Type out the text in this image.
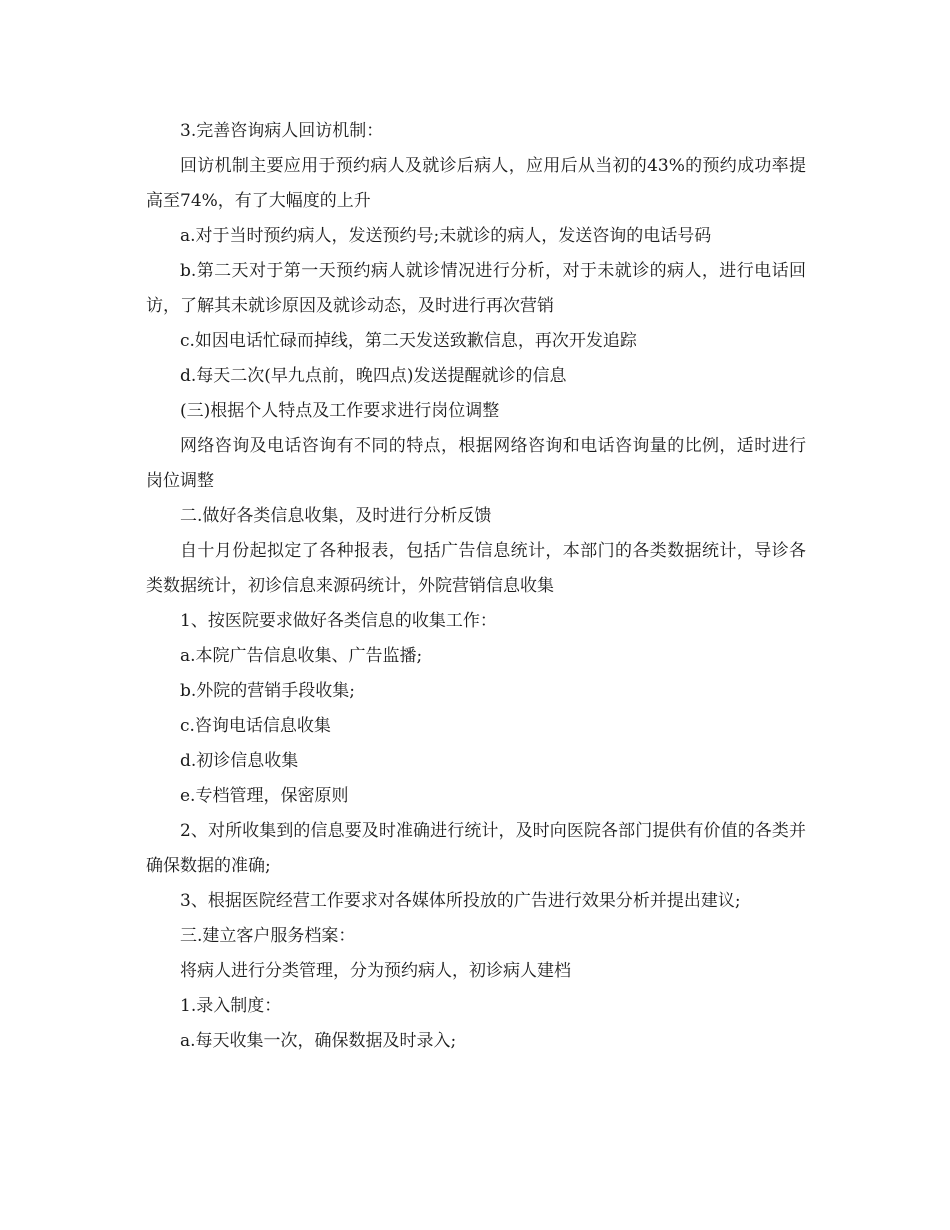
3.完善咨询病人回访机制：

回访机制主要应用于预约病人及就诊后病人，应用后从当初的43%的预约成功率提高至74%，有了大幅度的上升

a.对于当时预约病人，发送预约号;未就诊的病人，发送咨询的电话号码

b.第二天对于第一天预约病人就诊情况进行分析，对于未就诊的病人，进行电话回访，了解其未就诊原因及就诊动态，及时进行再次营销

c.如因电话忙碌而掉线，第二天发送致歉信息，再次开发追踪

d.每天二次(早九点前，晚四点)发送提醒就诊的信息

(三)根据个人特点及工作要求进行岗位调整

网络咨询及电话咨询有不同的特点，根据网络咨询和电话咨询量的比例，适时进行岗位调整

二.做好各类信息收集，及时进行分析反馈

自十月份起拟定了各种报表，包括广告信息统计，本部门的各类数据统计，导诊各类数据统计，初诊信息来源码统计，外院营销信息收集

1、按医院要求做好各类信息的收集工作：

a.本院广告信息收集、广告监播;

b.外院的营销手段收集;

c.咨询电话信息收集

d.初诊信息收集

e.专档管理，保密原则

2、对所收集到的信息要及时准确进行统计，及时向医院各部门提供有价值的各类并确保数据的准确;

3、根据医院经营工作要求对各媒体所投放的广告进行效果分析并提出建议;

三.建立客户服务档案：

将病人进行分类管理，分为预约病人，初诊病人建档

1.录入制度：

a.每天收集一次，确保数据及时录入;
